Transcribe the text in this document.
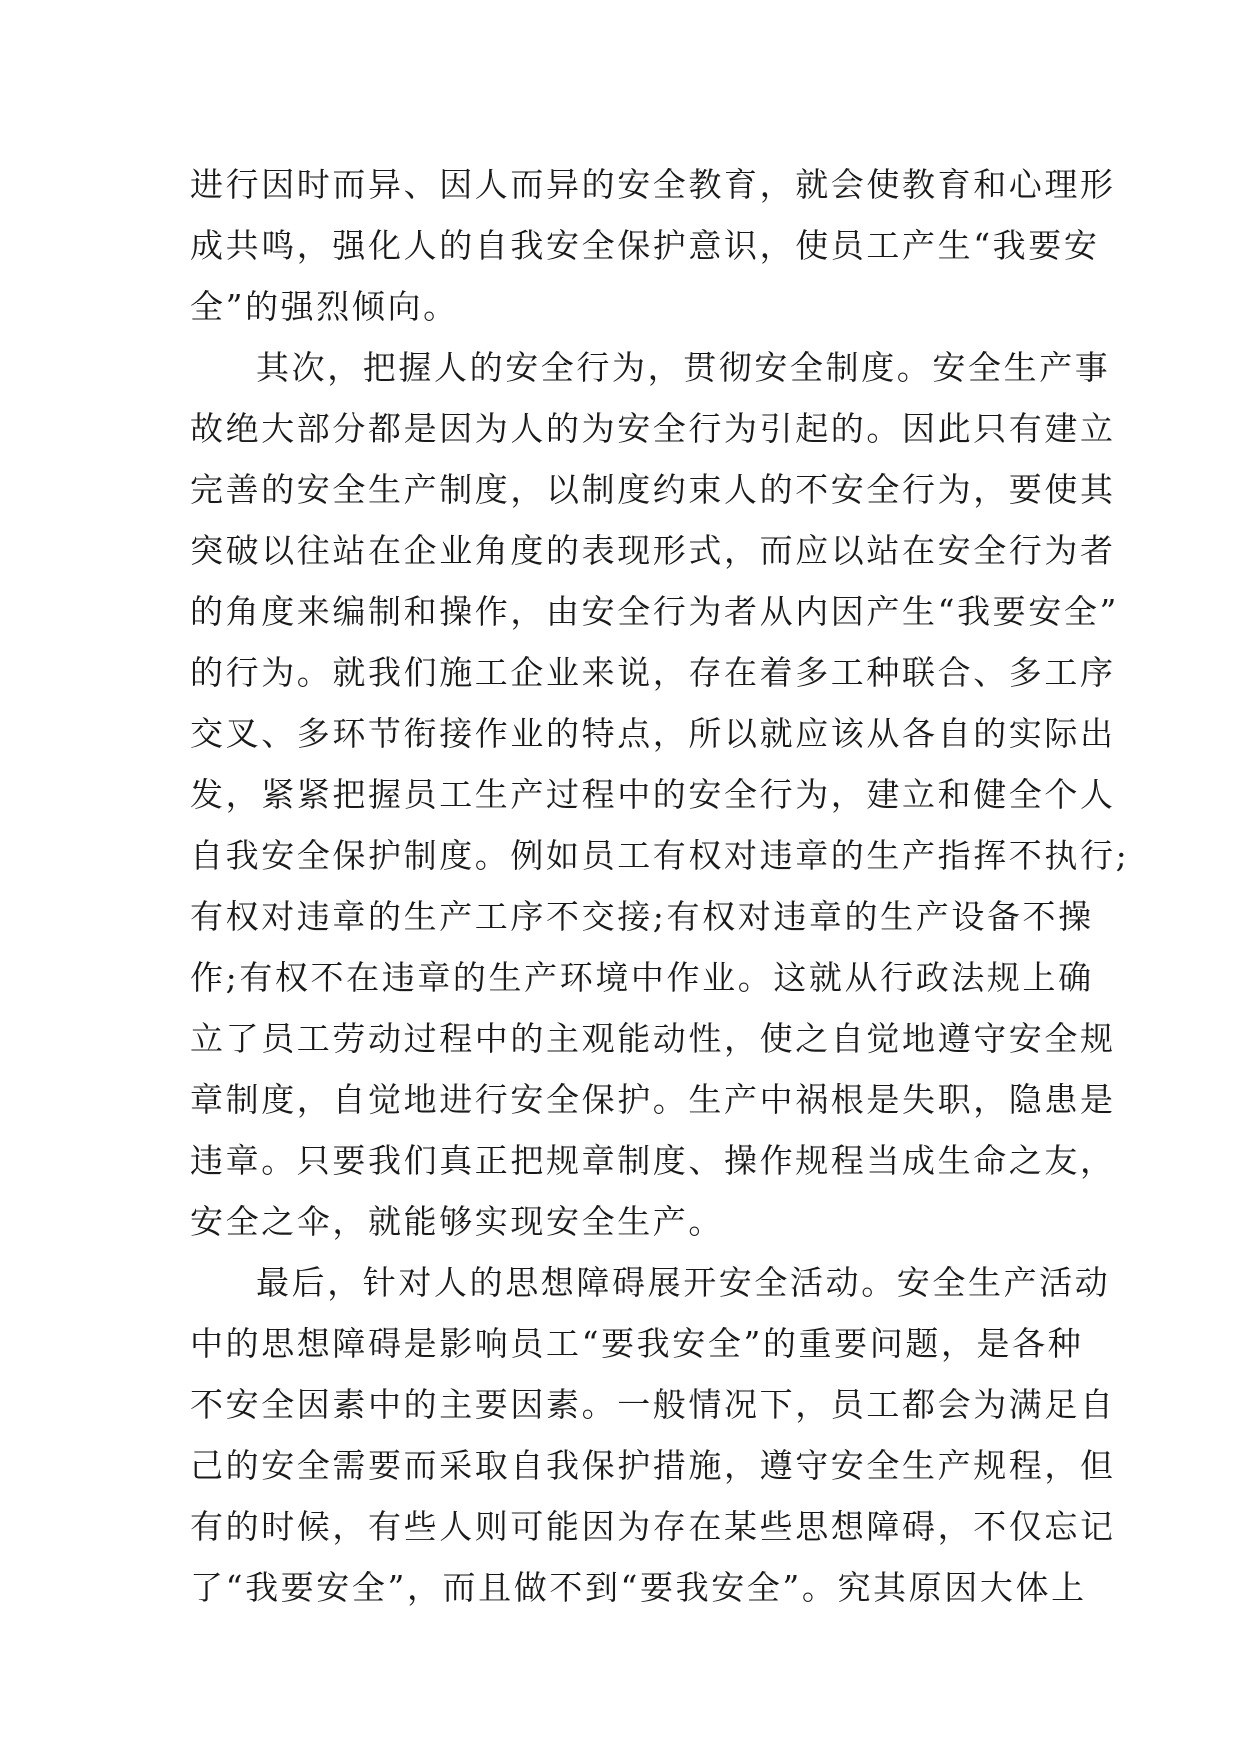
进行因时而异、因人而异的安全教育，就会使教育和心理形
成共鸣，强化人的自我安全保护意识，使员工产生“我要安
全”的强烈倾向。
其次，把握人的安全行为，贯彻安全制度。安全生产事
故绝大部分都是因为人的为安全行为引起的。因此只有建立
完善的安全生产制度，以制度约束人的不安全行为，要使其
突破以往站在企业角度的表现形式，而应以站在安全行为者
的角度来编制和操作，由安全行为者从内因产生“我要安全”
的行为。就我们施工企业来说，存在着多工种联合、多工序
交叉、多环节衔接作业的特点，所以就应该从各自的实际出
发，紧紧把握员工生产过程中的安全行为，建立和健全个人
自我安全保护制度。例如员工有权对违章的生产指挥不执行;
有权对违章的生产工序不交接;有权对违章的生产设备不操
作;有权不在违章的生产环境中作业。这就从行政法规上确
立了员工劳动过程中的主观能动性，使之自觉地遵守安全规
章制度，自觉地进行安全保护。生产中祸根是失职，隐患是
违章。只要我们真正把规章制度、操作规程当成生命之友，
安全之伞，就能够实现安全生产。
最后，针对人的思想障碍展开安全活动。安全生产活动
中的思想障碍是影响员工“要我安全”的重要问题，是各种
不安全因素中的主要因素。一般情况下，员工都会为满足自
己的安全需要而采取自我保护措施，遵守安全生产规程，但
有的时候，有些人则可能因为存在某些思想障碍，不仅忘记
了“我要安全”，而且做不到“要我安全”。究其原因大体上
